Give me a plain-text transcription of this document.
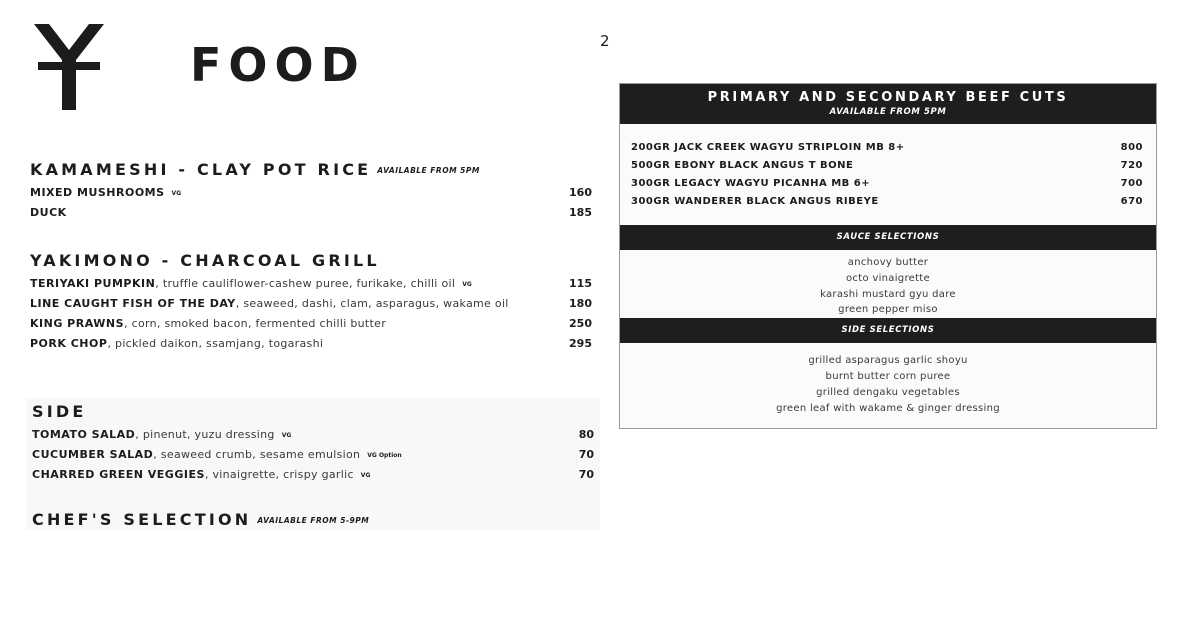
FOOD	2
KAMAMESHI - CLAY POT RICE AVAILABLE FROM 5PM
MIXED MUSHROOMS VG	160
DUCK	185
YAKIMONO - CHARCOAL GRILL
TERIYAKI PUMPKIN, truffle cauliflower-cashew puree, furikake, chilli oil VG	115
LINE CAUGHT FISH OF THE DAY, seaweed, dashi, clam, asparagus, wakame oil	180
KING PRAWNS, corn, smoked bacon, fermented chilli butter	250
PORK CHOP, pickled daikon, ssamjang, togarashi	295
SIDE
TOMATO SALAD, pinenut, yuzu dressing VG	80
CUCUMBER SALAD, seaweed crumb, sesame emulsion VG Option	70
CHARRED GREEN VEGGIES, vinaigrette, crispy garlic VG	70
CHEF'S SELECTION AVAILABLE FROM 5-9PM
PRIMARY AND SECONDARY BEEF CUTS
AVAILABLE FROM 5PM
200GR JACK CREEK WAGYU STRIPLOIN MB 8+	800
500GR EBONY BLACK ANGUS T BONE	720
300GR LEGACY WAGYU PICANHA MB 6+	700
300GR WANDERER BLACK ANGUS RIBEYE	670
SAUCE SELECTIONS
anchovy butter
octo vinaigrette
karashi mustard gyu dare
green pepper miso
SIDE SELECTIONS
grilled asparagus garlic shoyu
burnt butter corn puree
grilled dengaku vegetables
green leaf with wakame & ginger dressing
